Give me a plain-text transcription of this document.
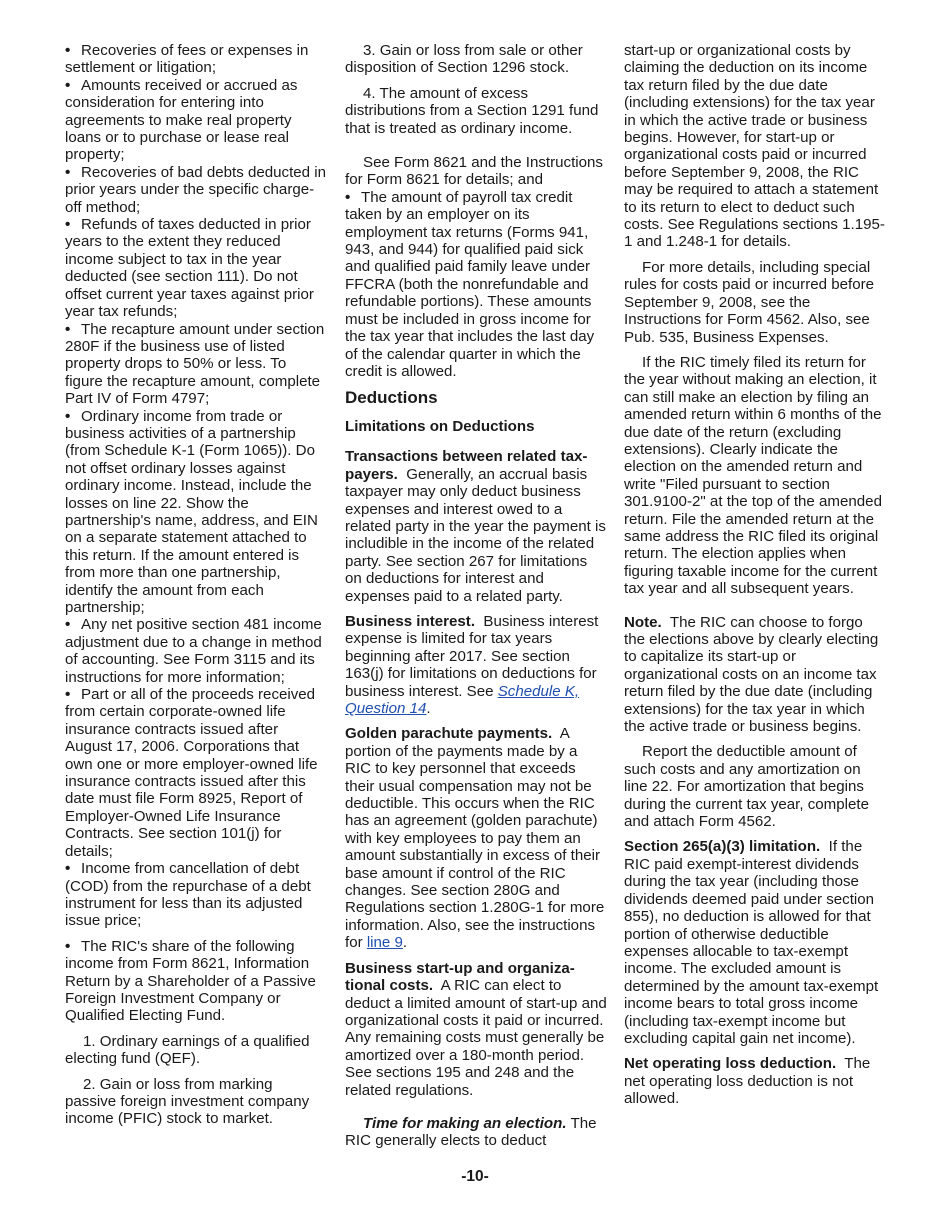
• Recoveries of fees or expenses in settlement or litigation;

• Amounts received or accrued as consideration for entering into agreements to make real property loans or to purchase or lease real property;

• Recoveries of bad debts deducted in prior years under the specific charge-off method;

• Refunds of taxes deducted in prior years to the extent they reduced income subject to tax in the year deducted (see section 111). Do not offset current year taxes against prior year tax refunds;

• The recapture amount under section 280F if the business use of listed property drops to 50% or less. To figure the recapture amount, complete Part IV of Form 4797;

• Ordinary income from trade or business activities of a partnership (from Schedule K-1 (Form 1065)). Do not offset ordinary losses against ordinary income. Instead, include the losses on line 22. Show the partnership's name, address, and EIN on a separate statement attached to this return. If the amount entered is from more than one partnership, identify the amount from each partnership;

• Any net positive section 481 income adjustment due to a change in method of accounting. See Form 3115 and its instructions for more information;

• Part or all of the proceeds received from certain corporate-owned life insurance contracts issued after August 17, 2006. Corporations that own one or more employer-owned life insurance contracts issued after this date must file Form 8925, Report of Employer-Owned Life Insurance Contracts. See section 101(j) for details;

• Income from cancellation of debt (COD) from the repurchase of a debt instrument for less than its adjusted issue price;

• The RIC's share of the following income from Form 8621, Information Return by a Shareholder of a Passive Foreign Investment Company or Qualified Electing Fund.

1. Ordinary earnings of a qualified electing fund (QEF).

2. Gain or loss from marking passive foreign investment company income (PFIC) stock to market.

3. Gain or loss from sale or other disposition of Section 1296 stock.

4. The amount of excess distributions from a Section 1291 fund that is treated as ordinary income.

See Form 8621 and the Instructions for Form 8621 for details; and

• The amount of payroll tax credit taken by an employer on its employment tax returns (Forms 941, 943, and 944) for qualified paid sick and qualified paid family leave under FFCRA (both the nonrefundable and refundable portions). These amounts must be included in gross income for the tax year that includes the last day of the calendar quarter in which the credit is allowed.

Deductions
Limitations on Deductions

Transactions between related tax-payers. Generally, an accrual basis taxpayer may only deduct business expenses and interest owed to a related party in the year the payment is includible in the income of the related party. See section 267 for limitations on deductions for interest and expenses paid to a related party.

Business interest. Business interest expense is limited for tax years beginning after 2017. See section 163(j) for limitations on deductions for business interest. See Schedule K, Question 14.

Golden parachute payments. A portion of the payments made by a RIC to key personnel that exceeds their usual compensation may not be deductible. This occurs when the RIC has an agreement (golden parachute) with key employees to pay them an amount substantially in excess of their base amount if control of the RIC changes. See section 280G and Regulations section 1.280G-1 for more information. Also, see the instructions for line 9.

Business start-up and organiza-tional costs. A RIC can elect to deduct a limited amount of start-up and organizational costs it paid or incurred. Any remaining costs must generally be amortized over a 180-month period. See sections 195 and 248 and the related regulations.

Time for making an election. The RIC generally elects to deduct

start-up or organizational costs by claiming the deduction on its income tax return filed by the due date (including extensions) for the tax year in which the active trade or business begins. However, for start-up or organizational costs paid or incurred before September 9, 2008, the RIC may be required to attach a statement to its return to elect to deduct such costs. See Regulations sections 1.195-1 and 1.248-1 for details.

For more details, including special rules for costs paid or incurred before September 9, 2008, see the Instructions for Form 4562. Also, see Pub. 535, Business Expenses.

If the RIC timely filed its return for the year without making an election, it can still make an election by filing an amended return within 6 months of the due date of the return (excluding extensions). Clearly indicate the election on the amended return and write "Filed pursuant to section 301.9100-2" at the top of the amended return. File the amended return at the same address the RIC filed its original return. The election applies when figuring taxable income for the current tax year and all subsequent years.

Note. The RIC can choose to forgo the elections above by clearly electing to capitalize its start-up or organizational costs on an income tax return filed by the due date (including extensions) for the tax year in which the active trade or business begins.

Report the deductible amount of such costs and any amortization on line 22. For amortization that begins during the current tax year, complete and attach Form 4562.

Section 265(a)(3) limitation. If the RIC paid exempt-interest dividends during the tax year (including those dividends deemed paid under section 855), no deduction is allowed for that portion of otherwise deductible expenses allocable to tax-exempt income. The excluded amount is determined by the amount tax-exempt income bears to total gross income (including tax-exempt income but excluding capital gain net income).

Net operating loss deduction. The net operating loss deduction is not allowed.

-10-
